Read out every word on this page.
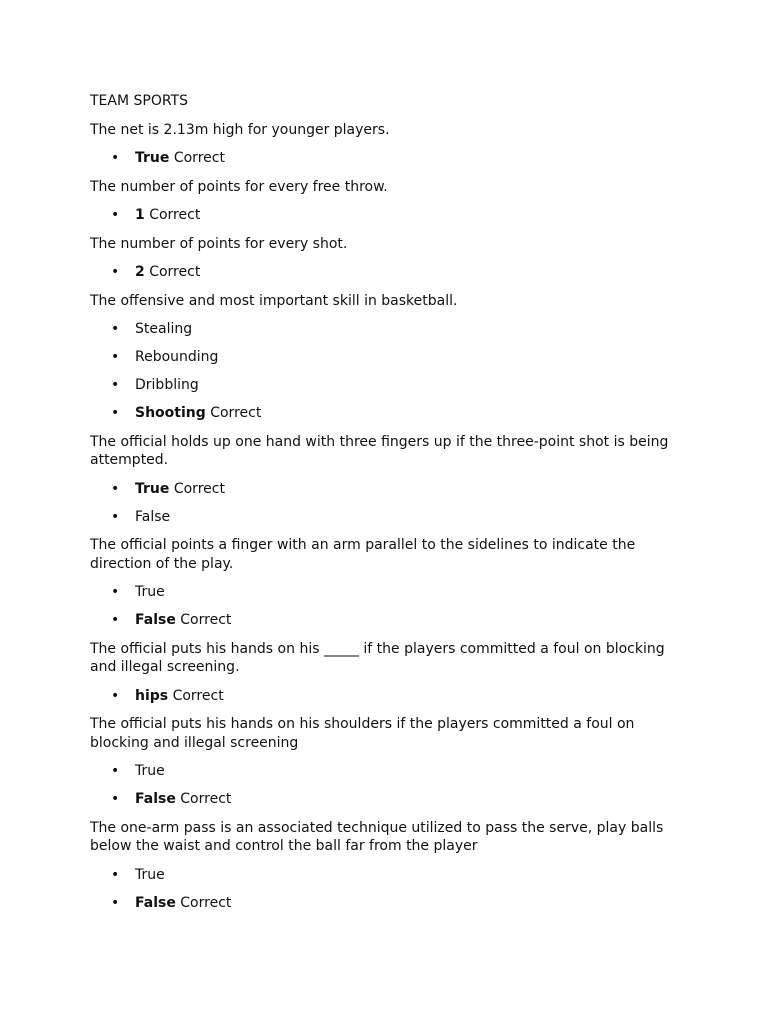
TEAM SPORTS
The net is 2.13m high for younger players.
• True Correct
The number of points for every free throw.
• 1 Correct
The number of points for every shot.
• 2 Correct
The offensive and most important skill in basketball.
• Stealing
• Rebounding
• Dribbling
• Shooting Correct
The official holds up one hand with three fingers up if the three-point shot is being attempted.
• True Correct
• False
The official points a finger with an arm parallel to the sidelines to indicate the direction of the play.
• True
• False Correct
The official puts his hands on his _____ if the players committed a foul on blocking and illegal screening.
• hips Correct
The official puts his hands on his shoulders if the players committed a foul on blocking and illegal screening
• True
• False Correct
The one-arm pass is an associated technique utilized to pass the serve, play balls below the waist and control the ball far from the player
• True
• False Correct
